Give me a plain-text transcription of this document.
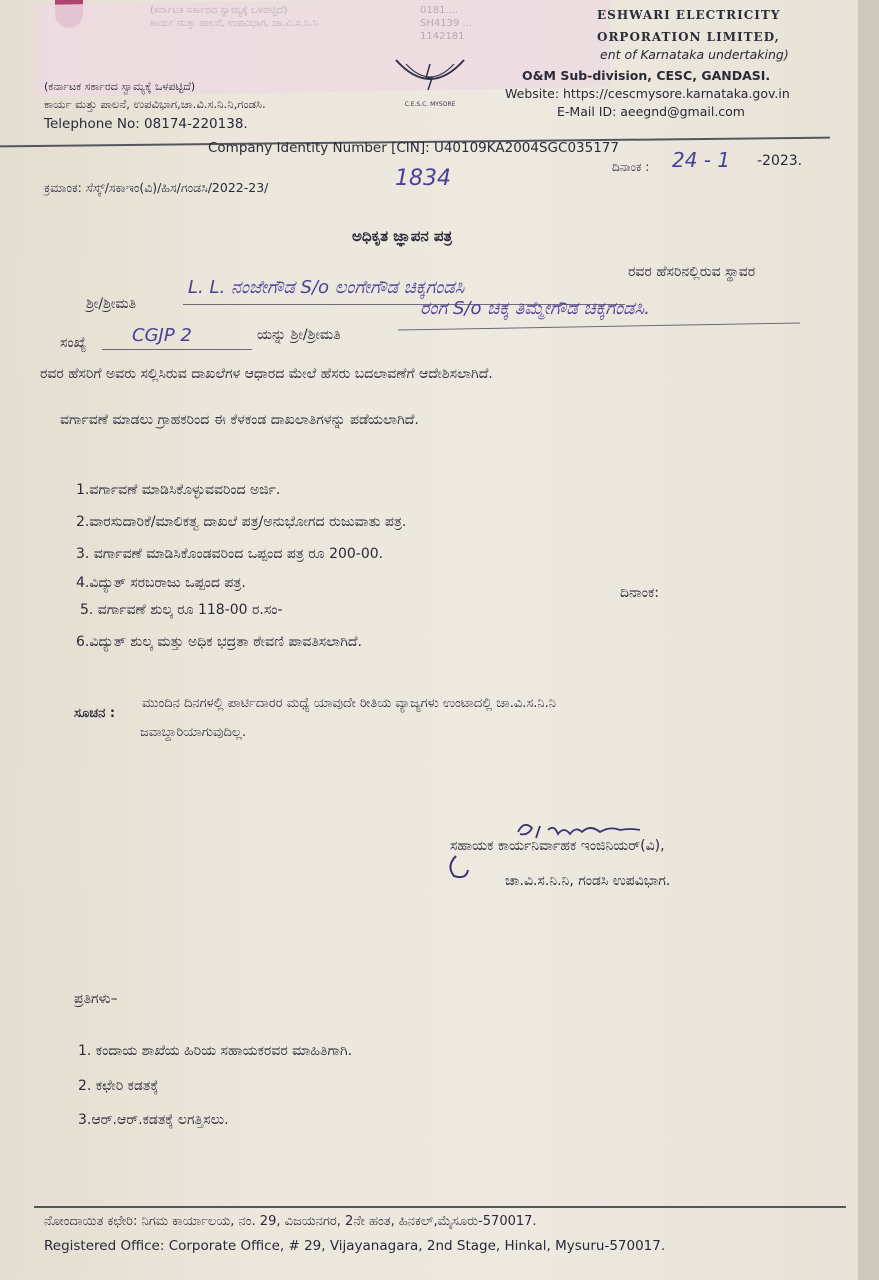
(ಕರ್ನಾಟಕ ಸರ್ಕಾರದ ಸ್ವಾಮ್ಯಕ್ಕೆ ಒಳಪಟ್ಟಿದೆ)
ಕಾರ್ಯ ಮತ್ತು ಪಾಲನೆ, ಉಪವಿಭಾಗ, ಚಾ.ವಿ.ಸ.ನಿ.ನಿ
0181....
SH4139 ...
1142181
ESHWARI ELECTRICITY
ORPORATION LIMITED,
ent of Karnataka undertaking)
O&M Sub-division, CESC, GANDASI.
Website: https://cescmysore.karnataka.gov.in
E-Mail ID: aeegnd@gmail.com
(ಕರ್ನಾಟಕ ಸರ್ಕಾರದ ಸ್ವಾಮ್ಯಕ್ಕೆ ಒಳಪಟ್ಟಿದೆ)
ಕಾರ್ಯ ಮತ್ತು ಪಾಲನೆ, ಉಪವಿಭಾಗ,ಚಾ.ವಿ.ಸ.ನಿ.ನಿ,ಗಂಡಸಿ.
Telephone No: 08174-220138.
C.E.S.C. MYSORE
Company Identity Number [CIN]: U40109KA2004SGC035177
ದಿನಾಂಕ : 24 - 1 -2023.
ಕ್ರಮಾಂಕ: ಸೆಸ್ಕ್/ಸಕಾಇಂ(ವಿ)/ಹಿಸ/ಗಂಡಸಿ/2022-23/	1834
ಅಧಿಕೃತ ಜ್ಞಾಪನ ಪತ್ರ
ಶ್ರೀ/ಶ್ರೀಮತಿ
L. L. ನಂಜೇಗೌಡ S/o ಲಂಗೇಗೌಡ ಚಿಕ್ಕಗಂಡಸಿ
ರವರ ಹೆಸರಿನಲ್ಲಿರುವ ಸ್ಥಾವರ
ಸಂಖ್ಯೆ	CGJP 2	ಯನ್ನು ಶ್ರೀ/ಶ್ರೀಮತಿ
ರಂಗ S/o ಚಿಕ್ಕ ತಿಮ್ಮೇಗೌಡ ಚಿಕ್ಕಗಂಡಸಿ.
ರವರ ಹೆಸರಿಗೆ ಅವರು ಸಲ್ಲಿಸಿರುವ ದಾಖಲೆಗಳ ಆಧಾರದ ಮೇಲೆ ಹೆಸರು ಬದಲಾವಣೆಗೆ ಆದೇಶಿಸಲಾಗಿದೆ.
ವರ್ಗಾವಣೆ ಮಾಡಲು ಗ್ರಾಹಕರಿಂದ ಈ ಕೆಳಕಂಡ ದಾಖಲಾತಿಗಳನ್ನು ಪಡೆಯಲಾಗಿದೆ.
1.ವರ್ಗಾವಣೆ ಮಾಡಿಸಿಕೊಳ್ಳುವವರಿಂದ ಅರ್ಜಿ.
2.ವಾರಸುದಾರಿಕೆ/ಮಾಲಿಕತ್ವ ದಾಖಲೆ ಪತ್ರ/ಅನುಭೋಗದ ರುಜುವಾತು ಪತ್ರ.
3. ವರ್ಗಾವಣೆ ಮಾಡಿಸಿಕೊಂಡವರಿಂದ ಒಪ್ಪಂದ ಪತ್ರ ರೂ 200-00.
4.ವಿದ್ಯುತ್ ಸರಬರಾಜು ಒಪ್ಪಂದ ಪತ್ರ.
5. ವರ್ಗಾವಣೆ ಶುಲ್ಕ ರೂ 118-00 ರ.ಸಂ-
ದಿನಾಂಕ:
6.ವಿದ್ಯುತ್ ಶುಲ್ಕ ಮತ್ತು ಅಧಿಕ ಭದ್ರತಾ ಠೇವಣಿ ಪಾವತಿಸಲಾಗಿದೆ.
ಸೂಚನ :
ಮುಂದಿನ ದಿನಗಳಲ್ಲಿ ಪಾರ್ಟಿದಾರರ ಮಧ್ಯೆ ಯಾವುದೇ ರೀತಿಯ ವ್ಯಾಜ್ಯಗಳು ಉಂಟಾದಲ್ಲಿ ಚಾ.ವಿ.ಸ.ನಿ.ನಿ
ಜವಾಬ್ದಾರಿಯಾಗುವುದಿಲ್ಲ.
ಸಹಾಯಕ ಕಾರ್ಯನಿರ್ವಾಹಕ ಇಂಜಿನಿಯರ್(ವಿ),
ಚಾ.ವಿ.ಸ.ನಿ.ನಿ, ಗಂಡಸಿ ಉಪವಿಭಾಗ.
ಪ್ರತಿಗಳು–
1. ಕಂದಾಯ ಶಾಖೆಯ ಹಿರಿಯ ಸಹಾಯಕರವರ ಮಾಹಿತಿಗಾಗಿ.
2. ಕಛೇರಿ ಕಡತಕ್ಕೆ
3.ಆರ್.ಆರ್.ಕಡತಕ್ಕೆ ಲಗತ್ತಿಸಲು.
ನೋಂದಾಯಿತ ಕಛೇರಿ: ನಿಗಮ ಕಾರ್ಯಾಲಯ, ನಂ. 29, ವಿಜಯನಗರ, 2ನೇ ಹಂತ, ಹಿನಕಲ್,ಮೈಸೂರು-570017.
Registered Office: Corporate Office, # 29, Vijayanagara, 2nd Stage, Hinkal, Mysuru-570017.
